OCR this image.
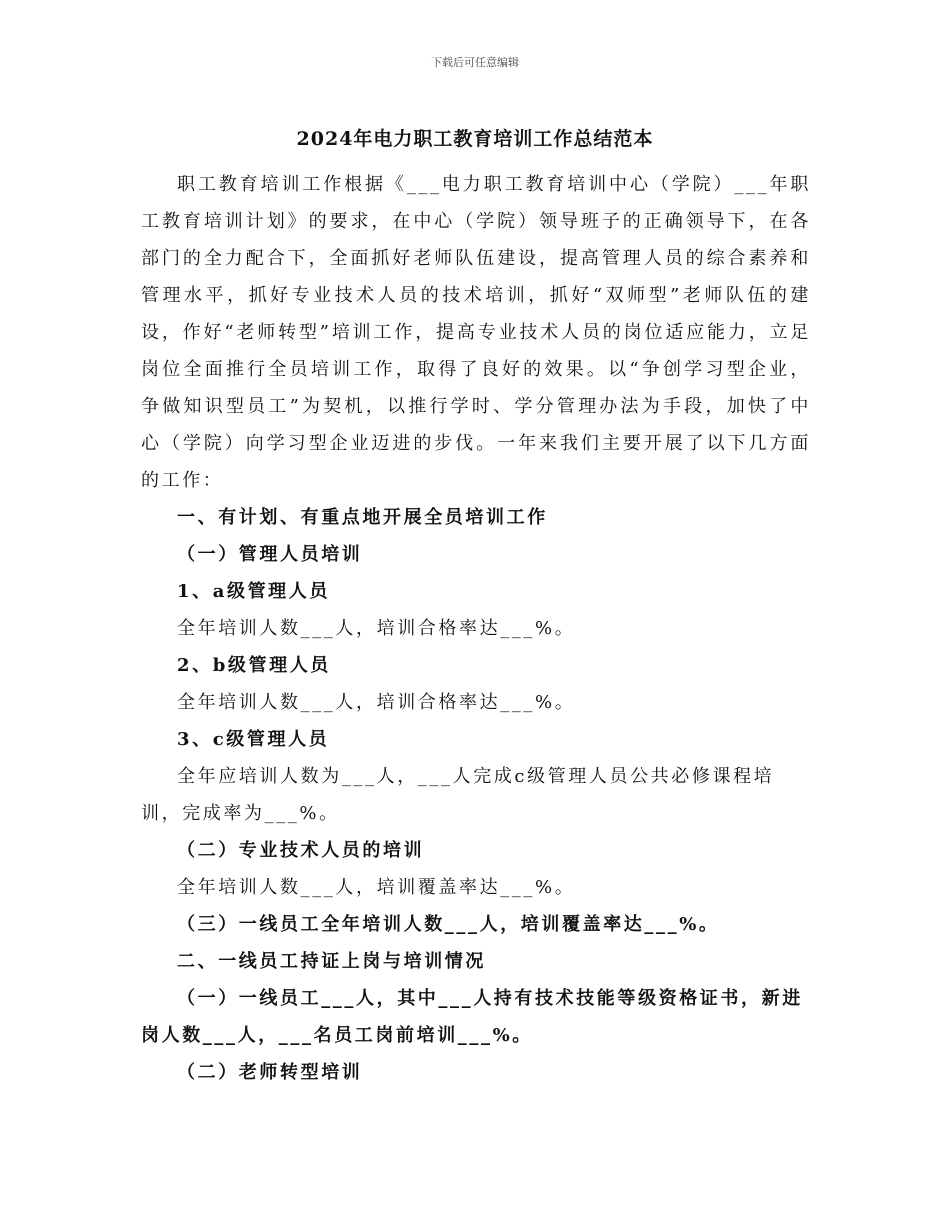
下载后可任意编辑
2024年电力职工教育培训工作总结范本

职工教育培训工作根据《___电力职工教育培训中心（学院）___年职工教育培训计划》的要求，在中心（学院）领导班子的正确领导下，在各部门的全力配合下，全面抓好老师队伍建设，提高管理人员的综合素养和管理水平，抓好专业技术人员的技术培训，抓好“双师型”老师队伍的建设，作好“老师转型”培训工作，提高专业技术人员的岗位适应能力，立足岗位全面推行全员培训工作，取得了良好的效果。以“争创学习型企业，争做知识型员工”为契机，以推行学时、学分管理办法为手段，加快了中心（学院）向学习型企业迈进的步伐。一年来我们主要开展了以下几方面的工作：

一、有计划、有重点地开展全员培训工作

（一）管理人员培训

1、a级管理人员

全年培训人数___人，培训合格率达___%。

2、b级管理人员

全年培训人数___人，培训合格率达___%。

3、c级管理人员

全年应培训人数为___人，___人完成c级管理人员公共必修课程培训，完成率为___%。

（二）专业技术人员的培训

全年培训人数___人，培训覆盖率达___%。

（三）一线员工全年培训人数___人，培训覆盖率达___%。

二、一线员工持证上岗与培训情况

（一）一线员工___人，其中___人持有技术技能等级资格证书，新进岗人数___人，___名员工岗前培训___%。

（二）老师转型培训
